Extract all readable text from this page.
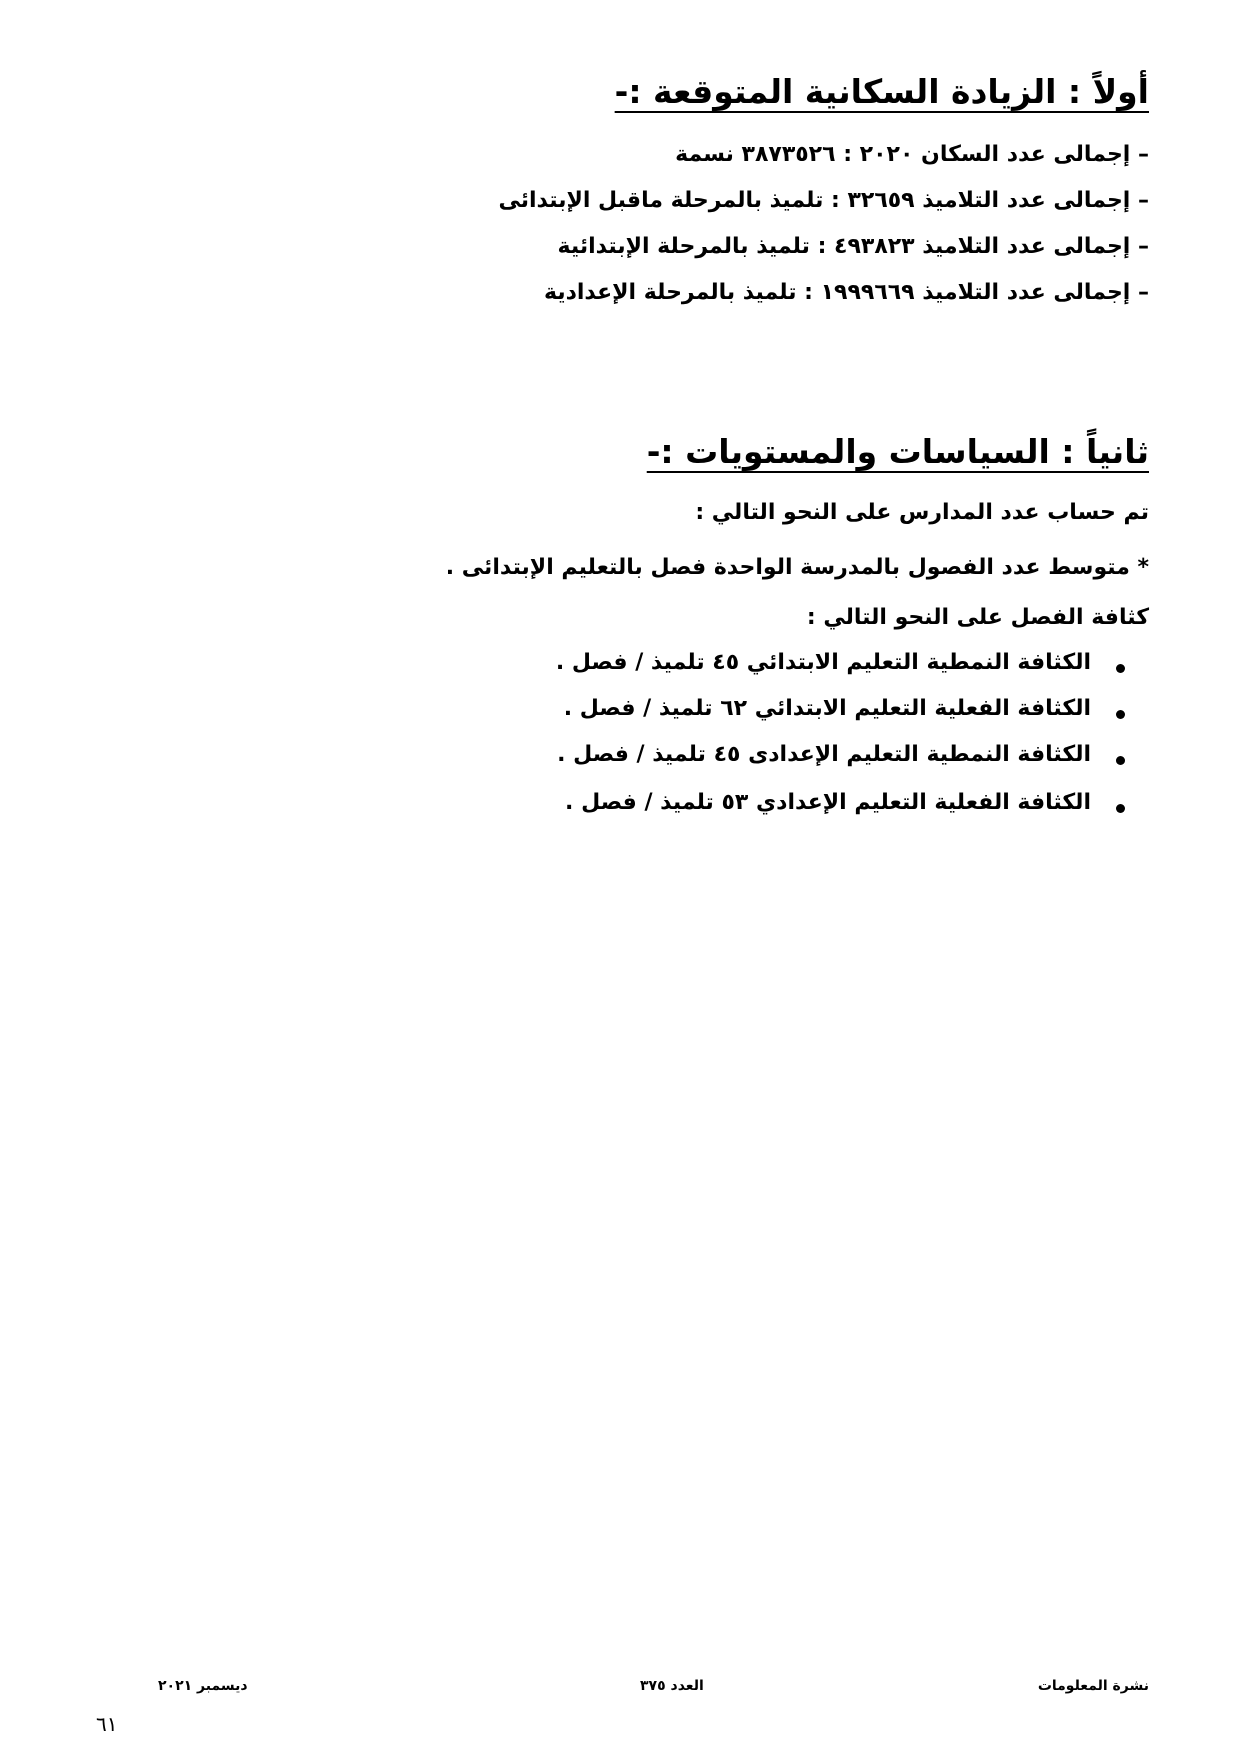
أولاً : الزيادة السكانية المتوقعة :-
– إجمالى عدد السكان ٢٠٢٠ : ٣٨٧٣٥٢٦ نسمة
– إجمالى عدد التلاميذ ٣٢٦٥٩ : تلميذ بالمرحلة ماقبل الإبتدائى
– إجمالى عدد التلاميذ ٤٩٣٨٢٣ : تلميذ بالمرحلة الإبتدائية
– إجمالى عدد التلاميذ ١٩٩٩٦٦٩ : تلميذ بالمرحلة الإعدادية
ثانياً : السياسات والمستويات :-
تم حساب عدد المدارس على النحو التالي :
* متوسط عدد الفصول بالمدرسة الواحدة فصل بالتعليم الإبتدائى .
كثافة الفصل على النحو التالي :
الكثافة النمطية التعليم الابتدائي ٤٥ تلميذ / فصل .
الكثافة الفعلية التعليم الابتدائي ٦٢ تلميذ / فصل .
الكثافة النمطية التعليم الإعدادى ٤٥ تلميذ / فصل .
الكثافة الفعلية التعليم الإعدادي ٥٣ تلميذ / فصل .
نشرة المعلومات
العدد ٣٧٥
ديسمبر ٢٠٢١
٦١
